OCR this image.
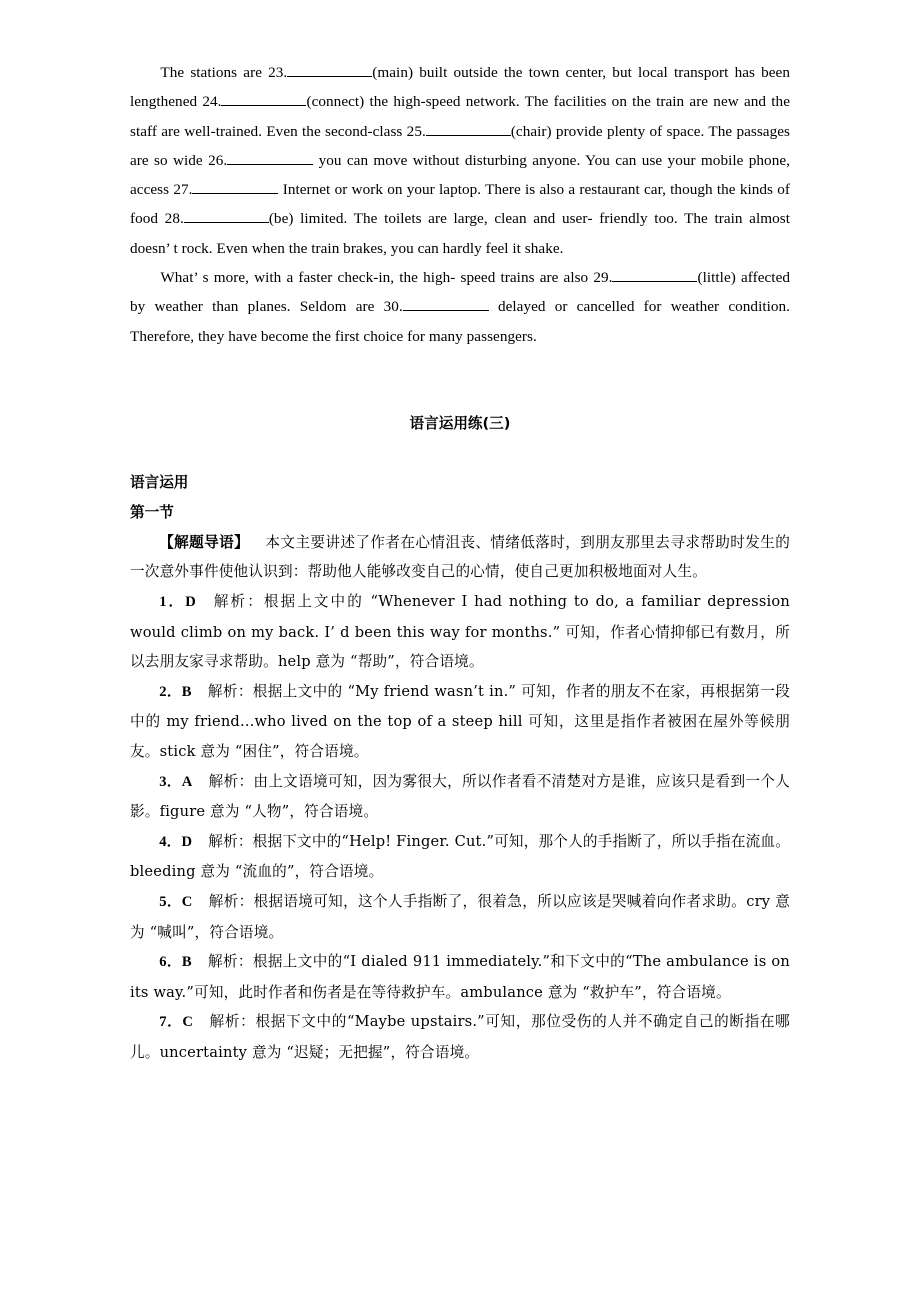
The stations are 23.	(main) built outside the town center, but local transport has been lengthened 24.	(connect) the high-speed network. The facilities on the train are new and the staff are well-trained. Even the second-class 25.	(chair) provide plenty of space. The passages are so wide 26.	you can move without disturbing anyone. You can use your mobile phone, access 27.	Internet or work on your laptop. There is also a restaurant car, though the kinds of food 28.	(be) limited. The toilets are large, clean and user‐ friendly too. The train almost doesn’ t rock. Even when the train brakes, you can hardly feel it shake.

What’ s more, with a faster check-in, the high‐ speed trains are also 29.	(little) affected by weather than planes. Seldom are 30.	delayed or cancelled for weather condition. Therefore, they have become the first choice for many passengers.

语言运用练(三)

语言运用

第一节

【解题导语】 本文主要讲述了作者在心情沮丧、情绪低落时，到朋友那里去寻求帮助时发生的一次意外事件使他认识到：帮助他人能够改变自己的心情，使自己更加积极地面对人生。

1．D 解析：根据上文中的 “Whenever I had nothing to do, a familiar depression would climb on my back. I’ d been this way for months.” 可知，作者心情抑郁已有数月，所以去朋友家寻求帮助。help 意为 “帮助”，符合语境。

2．B 解析：根据上文中的 “My friend wasn’t in.” 可知，作者的朋友不在家，再根据第一段中的 my friend...who lived on the top of a steep hill 可知，这里是指作者被困在屋外等候朋友。stick 意为 “困住”，符合语境。

3．A 解析：由上文语境可知，因为雾很大，所以作者看不清楚对方是谁，应该只是看到一个人影。figure 意为 “人物”，符合语境。

4．D 解析：根据下文中的“Help! Finger. Cut.”可知，那个人的手指断了，所以手指在流血。bleeding 意为 “流血的”，符合语境。

5．C 解析：根据语境可知，这个人手指断了，很着急，所以应该是哭喊着向作者求助。cry 意为 “喊叫”，符合语境。

6．B 解析：根据上文中的“I dialed 911 immediately.”和下文中的“The ambulance is on its way.”可知，此时作者和伤者是在等待救护车。ambulance 意为 “救护车”，符合语境。

7．C 解析：根据下文中的“Maybe upstairs.”可知，那位受伤的人并不确定自己的断指在哪儿。uncertainty 意为 “迟疑；无把握”，符合语境。
